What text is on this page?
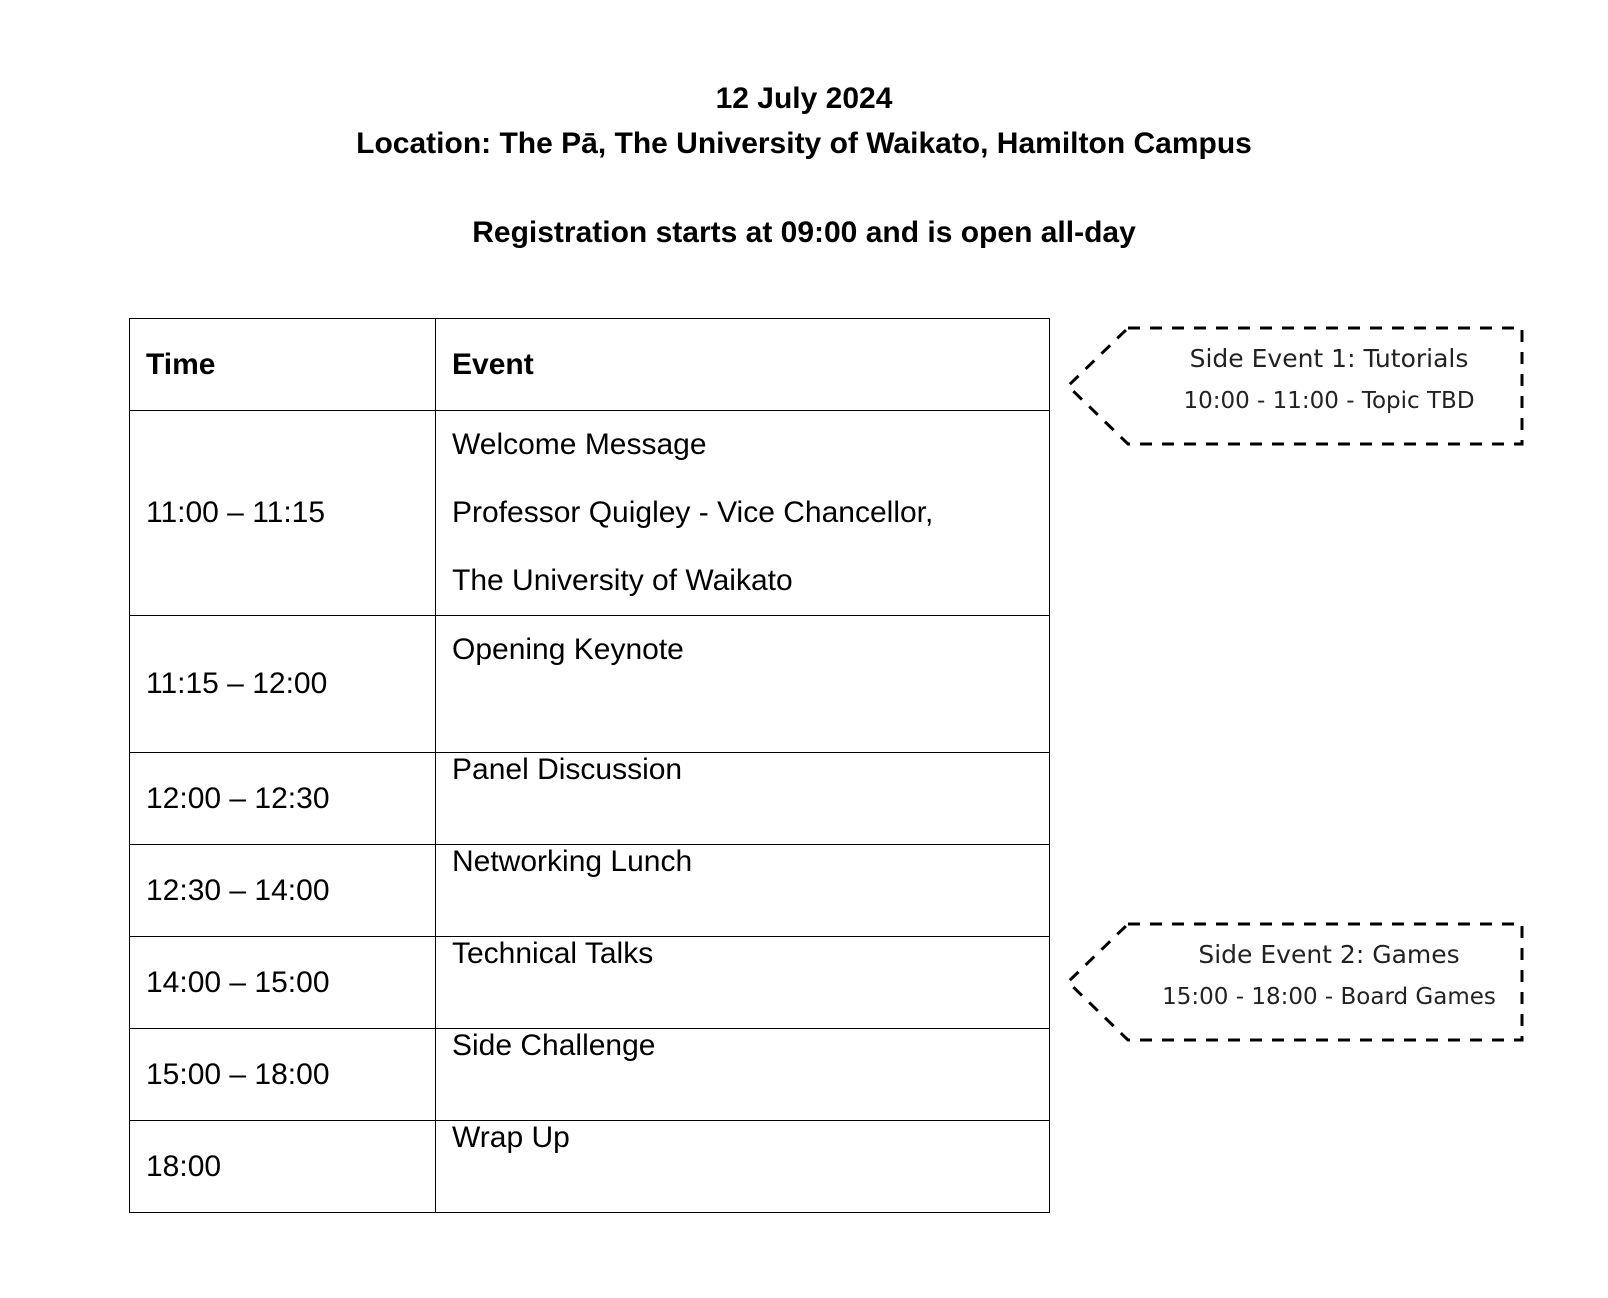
12 July 2024
Location: The Pā, The University of Waikato, Hamilton Campus
Registration starts at 09:00 and is open all-day
Time	Event
11:00 – 11:15	Welcome Message
Professor Quigley - Vice Chancellor,
The University of Waikato

11:15 – 12:00	Opening Keynote

12:00 – 12:30	Panel Discussion
12:30 – 14:00	Networking Lunch
14:00 – 15:00	Technical Talks
15:00 – 18:00	Side Challenge
18:00	Wrap Up
Side Event 1: Tutorials
10:00 - 11:00 - Topic TBD
Side Event 2: Games
15:00 - 18:00 - Board Games
